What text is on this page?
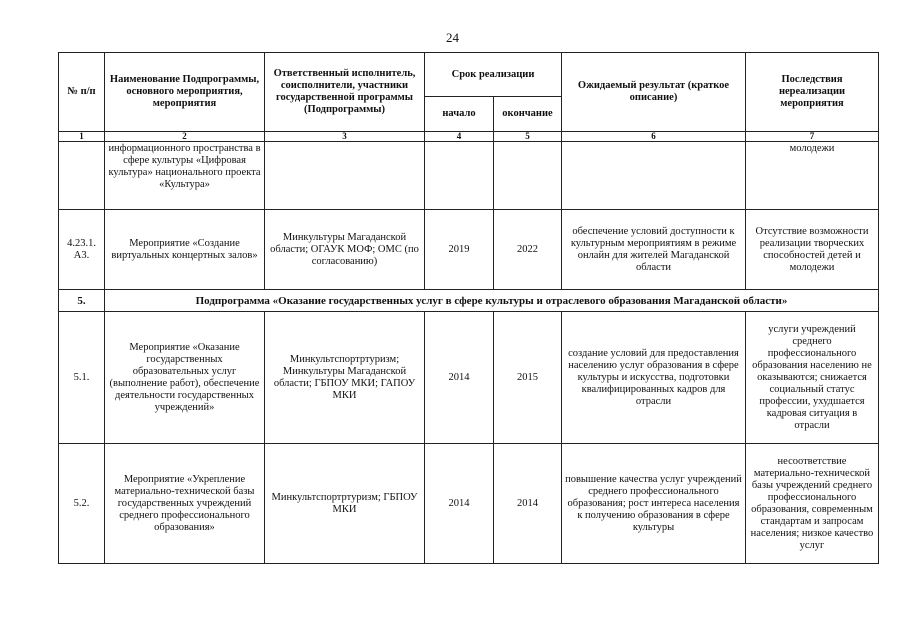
24
№ п/п	Наименование Подпрограммы, основного мероприятия, мероприятия	Ответственный исполнитель, соисполнители, участники государственной программы (Подпрограммы)	Срок реализации		Ожидаемый результат (краткое описание)	Последствия нереализации мероприятия
			начало	окончание		
1	2	3	4	5	6	7
	информационного пространства в сфере культуры «Цифровая культура» национального проекта «Культура»					молодежи
4.23.1. А3.	Мероприятие «Создание виртуальных концертных залов»	Минкультуры Магаданской области; ОГАУК МОФ; ОМС (по согласованию)	2019	2022	обеспечение условий доступности к культурным мероприятиям в режиме онлайн для жителей Магаданской области	Отсутствие возможности реализации творческих способностей детей и молодежи
5.	Подпрограмма «Оказание государственных услуг в сфере культуры и отраслевого образования Магаданской области»					
5.1.	Мероприятие «Оказание государственных образовательных услуг (выполнение работ), обеспечение деятельности государственных учреждений»	Минкультспортртуризм; Минкультуры Магаданской области; ГБПОУ МКИ; ГАПОУ МКИ	2014	2015	создание условий для предоставления населению услуг образования в сфере культуры и искусства, подготовки квалифицированных кадров для отрасли	услуги учреждений среднего профессионального образования населению не оказываются; снижается социальный статус профессии, ухудшается кадровая ситуация в отрасли
5.2.	Мероприятие «Укрепление материально-технической базы государственных учреждений среднего профессионального образования»	Минкультспортртуризм; ГБПОУ МКИ	2014	2014	повышение качества услуг учреждений среднего профессионального образования; рост интереса населения к получению образования в сфере культуры	несоответствие материально-технической базы учреждений среднего профессионального образования, современным стандартам и запросам населения; низкое качество услуг
